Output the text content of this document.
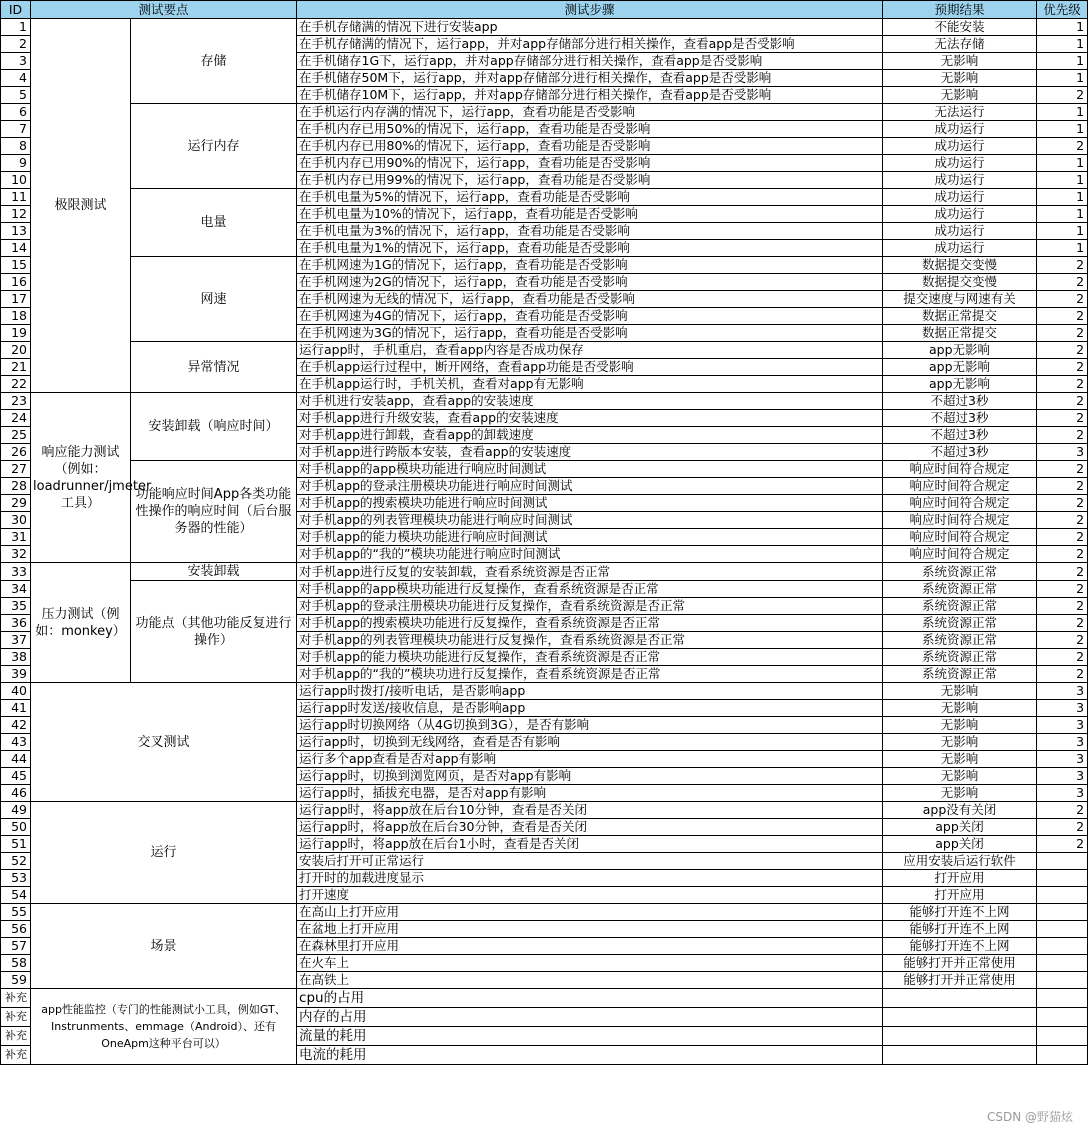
ID	测试要点		测试步骤	预期结果	优先级
1	极限测试	存储	在手机存储满的情况下进行安装app	不能安装	1
2			在手机存储满的情况下，运行app，并对app存储部分进行相关操作，查看app是否受影响	无法存储	1
3			在手机储存1G下，运行app，并对app存储部分进行相关操作，查看app是否受影响	无影响	1
4			在手机储存50M下，运行app，并对app存储部分进行相关操作，查看app是否受影响	无影响	1
5			在手机储存10M下，运行app，并对app存储部分进行相关操作，查看app是否受影响	无影响	2
6		运行内存	在手机运行内存满的情况下，运行app，查看功能是否受影响	无法运行	1
7			在手机内存已用50%的情况下，运行app，查看功能是否受影响	成功运行	1
8			在手机内存已用80%的情况下，运行app，查看功能是否受影响	成功运行	2
9			在手机内存已用90%的情况下，运行app，查看功能是否受影响	成功运行	1
10			在手机内存已用99%的情况下，运行app，查看功能是否受影响	成功运行	1
11		电量	在手机电量为5%的情况下，运行app，查看功能是否受影响	成功运行	1
12			在手机电量为10%的情况下，运行app，查看功能是否受影响	成功运行	1
13			在手机电量为3%的情况下，运行app，查看功能是否受影响	成功运行	1
14			在手机电量为1%的情况下，运行app，查看功能是否受影响	成功运行	1
15		网速	在手机网速为1G的情况下，运行app，查看功能是否受影响	数据提交变慢	2
16			在手机网速为2G的情况下，运行app，查看功能是否受影响	数据提交变慢	2
17			在手机网速为无线的情况下，运行app，查看功能是否受影响	提交速度与网速有关	2
18			在手机网速为4G的情况下，运行app，查看功能是否受影响	数据正常提交	2
19			在手机网速为3G的情况下，运行app，查看功能是否受影响	数据正常提交	2
20		异常情况	运行app时，手机重启，查看app内容是否成功保存	app无影响	2
21			在手机app运行过程中，断开网络，查看app功能是否受影响	app无影响	2
22			在手机app运行时，手机关机，查看对app有无影响	app无影响	2
23	响应能力测试（例如：loadrunner/jmeter工具）	安装卸载（响应时间）	对手机进行安装app，查看app的安装速度	不超过3秒	2
24			对手机app进行升级安装，查看app的安装速度	不超过3秒	2
25			对手机app进行卸载，查看app的卸载速度	不超过3秒	2
26			对手机app进行跨版本安装，查看app的安装速度	不超过3秒	3
27		功能响应时间App各类功能性操作的响应时间（后台服务器的性能）	对手机app的app模块功能进行响应时间测试	响应时间符合规定	2
28			对手机app的登录注册模块功能进行响应时间测试	响应时间符合规定	2
29			对手机app的搜索模块功能进行响应时间测试	响应时间符合规定	2
30			对手机app的列表管理模块功能进行响应时间测试	响应时间符合规定	2
31			对手机app的能力模块功能进行响应时间测试	响应时间符合规定	2
32			对手机app的“我的”模块功能进行响应时间测试	响应时间符合规定	2
33	压力测试（例如：monkey）	安装卸载	对手机app进行反复的安装卸载，查看系统资源是否正常	系统资源正常	2
34		功能点（其他功能反复进行操作）	对手机app的app模块功能进行反复操作，查看系统资源是否正常	系统资源正常	2
35			对手机app的登录注册模块功能进行反复操作，查看系统资源是否正常	系统资源正常	2
36			对手机app的搜索模块功能进行反复操作，查看系统资源是否正常	系统资源正常	2
37			对手机app的列表管理模块功能进行反复操作，查看系统资源是否正常	系统资源正常	2
38			对手机app的能力模块功能进行反复操作，查看系统资源是否正常	系统资源正常	2
39			对手机app的“我的”模块功进行反复操作，查看系统资源是否正常	系统资源正常	2
40	交叉测试		运行app时拨打/接听电话，是否影响app	无影响	3
41			运行app时发送/接收信息，是否影响app	无影响	3
42			运行app时切换网络（从4G切换到3G），是否有影响	无影响	3
43			运行app时，切换到无线网络，查看是否有影响	无影响	3
44			运行多个app查看是否对app有影响	无影响	3
45			运行app时，切换到浏览网页，是否对app有影响	无影响	3
46			运行app时，插拔充电器，是否对app有影响	无影响	3
49	运行		运行app时，将app放在后台10分钟，查看是否关闭	app没有关闭	2
50			运行app时，将app放在后台30分钟，查看是否关闭	app关闭	2
51			运行app时，将app放在后台1小时，查看是否关闭	app关闭	2
52			安装后打开可正常运行	应用安装后运行软件	
53			打开时的加载进度显示	打开应用	
54			打开速度	打开应用	
55	场景		在高山上打开应用	能够打开连不上网	
56			在盆地上打开应用	能够打开连不上网	
57			在森林里打开应用	能够打开连不上网	
58			在火车上	能够打开并正常使用	
59			在高铁上	能够打开并正常使用	
补充	app性能监控（专门的性能测试小工具，例如GT、Instrunments、emmage（Android）、还有OneApm这种平台可以）		cpu的占用		
补充			内存的占用		
补充			流量的耗用		
补充			电流的耗用		
CSDN @野猫炫
